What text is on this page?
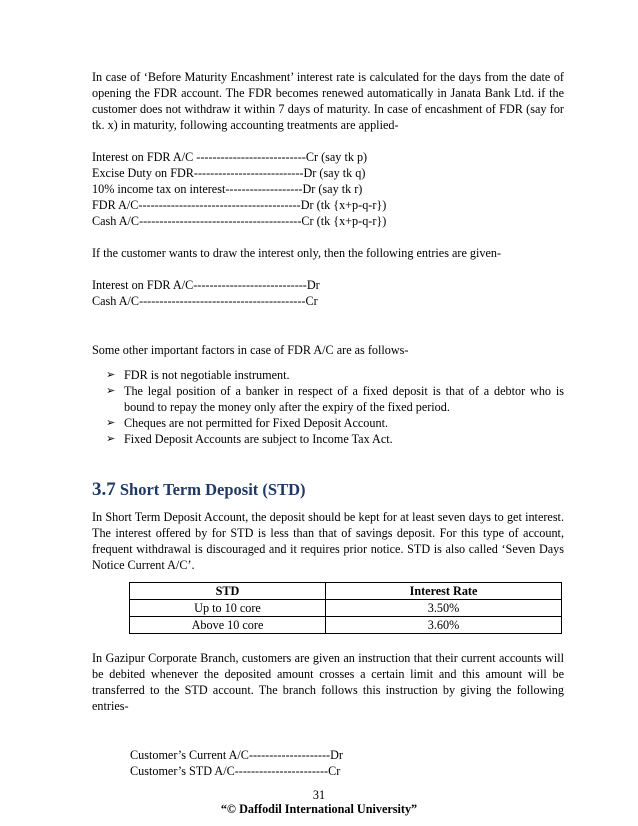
In case of ‘Before Maturity Encashment’ interest rate is calculated for the days from the date of opening the FDR account. The FDR becomes renewed automatically in Janata Bank Ltd. if the customer does not withdraw it within 7 days of maturity. In case of encashment of FDR (say for tk. x) in maturity, following accounting treatments are applied-

Interest on FDR A/C ---------------------------Cr (say tk p)
Excise Duty on FDR---------------------------Dr (say tk q)
10% income tax on interest-------------------Dr (say tk r)
FDR A/C----------------------------------------Dr (tk {x+p-q-r})
Cash A/C----------------------------------------Cr (tk {x+p-q-r})

If the customer wants to draw the interest only, then the following entries are given-

Interest on FDR A/C----------------------------Dr
Cash A/C-----------------------------------------Cr

Some other important factors in case of FDR A/C are as follows-

➢ FDR is not negotiable instrument.
➢ The legal position of a banker in respect of a fixed deposit is that of a debtor who is bound to repay the money only after the expiry of the fixed period.
➢ Cheques are not permitted for Fixed Deposit Account.
➢ Fixed Deposit Accounts are subject to Income Tax Act.
3.7 Short Term Deposit (STD)

In Short Term Deposit Account, the deposit should be kept for at least seven days to get interest. The interest offered by for STD is less than that of savings deposit. For this type of account, frequent withdrawal is discouraged and it requires prior notice. STD is also called ‘Seven Days Notice Current A/C’.

STD	Interest Rate
Up to 10 core	3.50%
Above 10 core	3.60%

In Gazipur Corporate Branch, customers are given an instruction that their current accounts will be debited whenever the deposited amount crosses a certain limit and this amount will be transferred to the STD account. The branch follows this instruction by giving the following entries-

Customer’s Current A/C--------------------Dr
Customer’s STD A/C-----------------------Cr
31
“© Daffodil International University”
